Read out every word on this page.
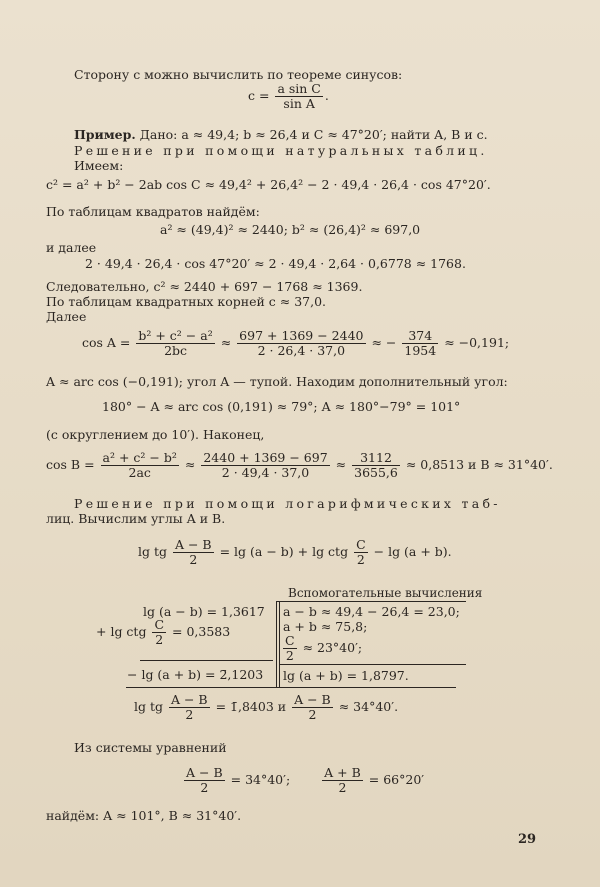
Сторону c можно вычислить по теореме синусов:
$c = \frac{\text{a sin C}}{\text{sin A}}$ .
Пример. Дано: a ≈ 49,4; b ≈ 26,4 и C ≈ 47°20′; найти A, B и c.
Решение при помощи натуральных таблиц.
Имеем:
c² = a² + b² − 2ab cos C ≈ 49,4² + 26,4² − 2 · 49,4 · 26,4 · cos 47°20′.
По таблицам квадратов найдём:
a² ≈ (49,4)² ≈ 2440; b² ≈ (26,4)² ≈ 697,0
и далее
2 · 49,4 · 26,4 · cos 47°20′ ≈ 2 · 49,4 · 2,64 · 0,6778 ≈ 1768.
Следовательно, c² ≈ 2440 + 697 − 1768 ≈ 1369.
По таблицам квадратных корней c ≈ 37,0.
Далее
$\cos A = \frac{\text{b² + c² − a²}}{2bc} \approx \frac{697 + 1369 - 2440}{2 \cdot 26,4 \cdot 37,0}$ ≈ − $\frac{374}{1954} \approx -0,191$;
A ≈ arc cos (−0,191); угол A — тупой. Находим дополнительный угол:
180° − A ≈ arc cos (0,191) ≈ 79°; A ≈ 180°−79° = 101°
(с округлением до 10′). Наконец,
$\cos B = \frac{\text{a² + c² − b²}}{2ac} \approx \frac{2440 + 1369 - 697}{2 \cdot 49,4 \cdot 37,0} \approx \frac{3112}{3655,6} \approx 0,8513$ и B ≈ 31°40′.
Решение при помощи логарифмических таб-
лиц. Вычислим углы A и B.
lg tg $\frac{A - B}{2} = \lg (a - b) + \lg$ ctg $\frac{C}{2} - \lg (a + b)$.
Вспомогательные вычисления
lg (a − b) = 1,3617
+ lg ctg $\frac{C}{2} = 0,3583$
− lg (a + b) = 2̄,1203
a − b ≈ 49,4 − 26,4 = 23,0;
a + b ≈ 75,8;
$\frac{C}{2} \approx 23^\circ 40'$;
lg (a + b) = 1,8797.
lg tg $\frac{A - B}{2}$ = 1̄,8403 и $\frac{A - B}{2} \approx 34^\circ 40'$.
Из системы уравнений
$\frac{A - B}{2} = 34^\circ 40'$;	$\frac{A + B}{2} = 66^\circ 20'$
найдём: A ≈ 101°, B ≈ 31°40′.
29
